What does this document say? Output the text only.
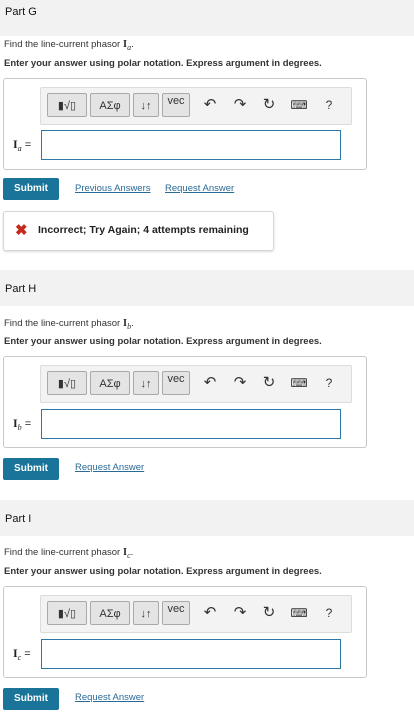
Part G
Find the line-current phasor $I_a$.
Enter your answer using polar notation. Express argument in degrees.
▮√▯	ΑΣφ	↓↑	vec	↶ ↷ ↻	⌨	?
$I_a$ =
Submit	Previous Answers Request Answer
✖ Incorrect; Try Again; 4 attempts remaining
Part H
Find the line-current phasor $I_b$.
Enter your answer using polar notation. Express argument in degrees.
▮√▯	ΑΣφ	↓↑	vec	↶ ↷ ↻	⌨	?
$I_b$ =
Submit	Request Answer
Part I
Find the line-current phasor $I_c$.
Enter your answer using polar notation. Express argument in degrees.
▮√▯	ΑΣφ	↓↑	vec	↶ ↷ ↻	⌨	?
$I_c$ =
Submit	Request Answer
